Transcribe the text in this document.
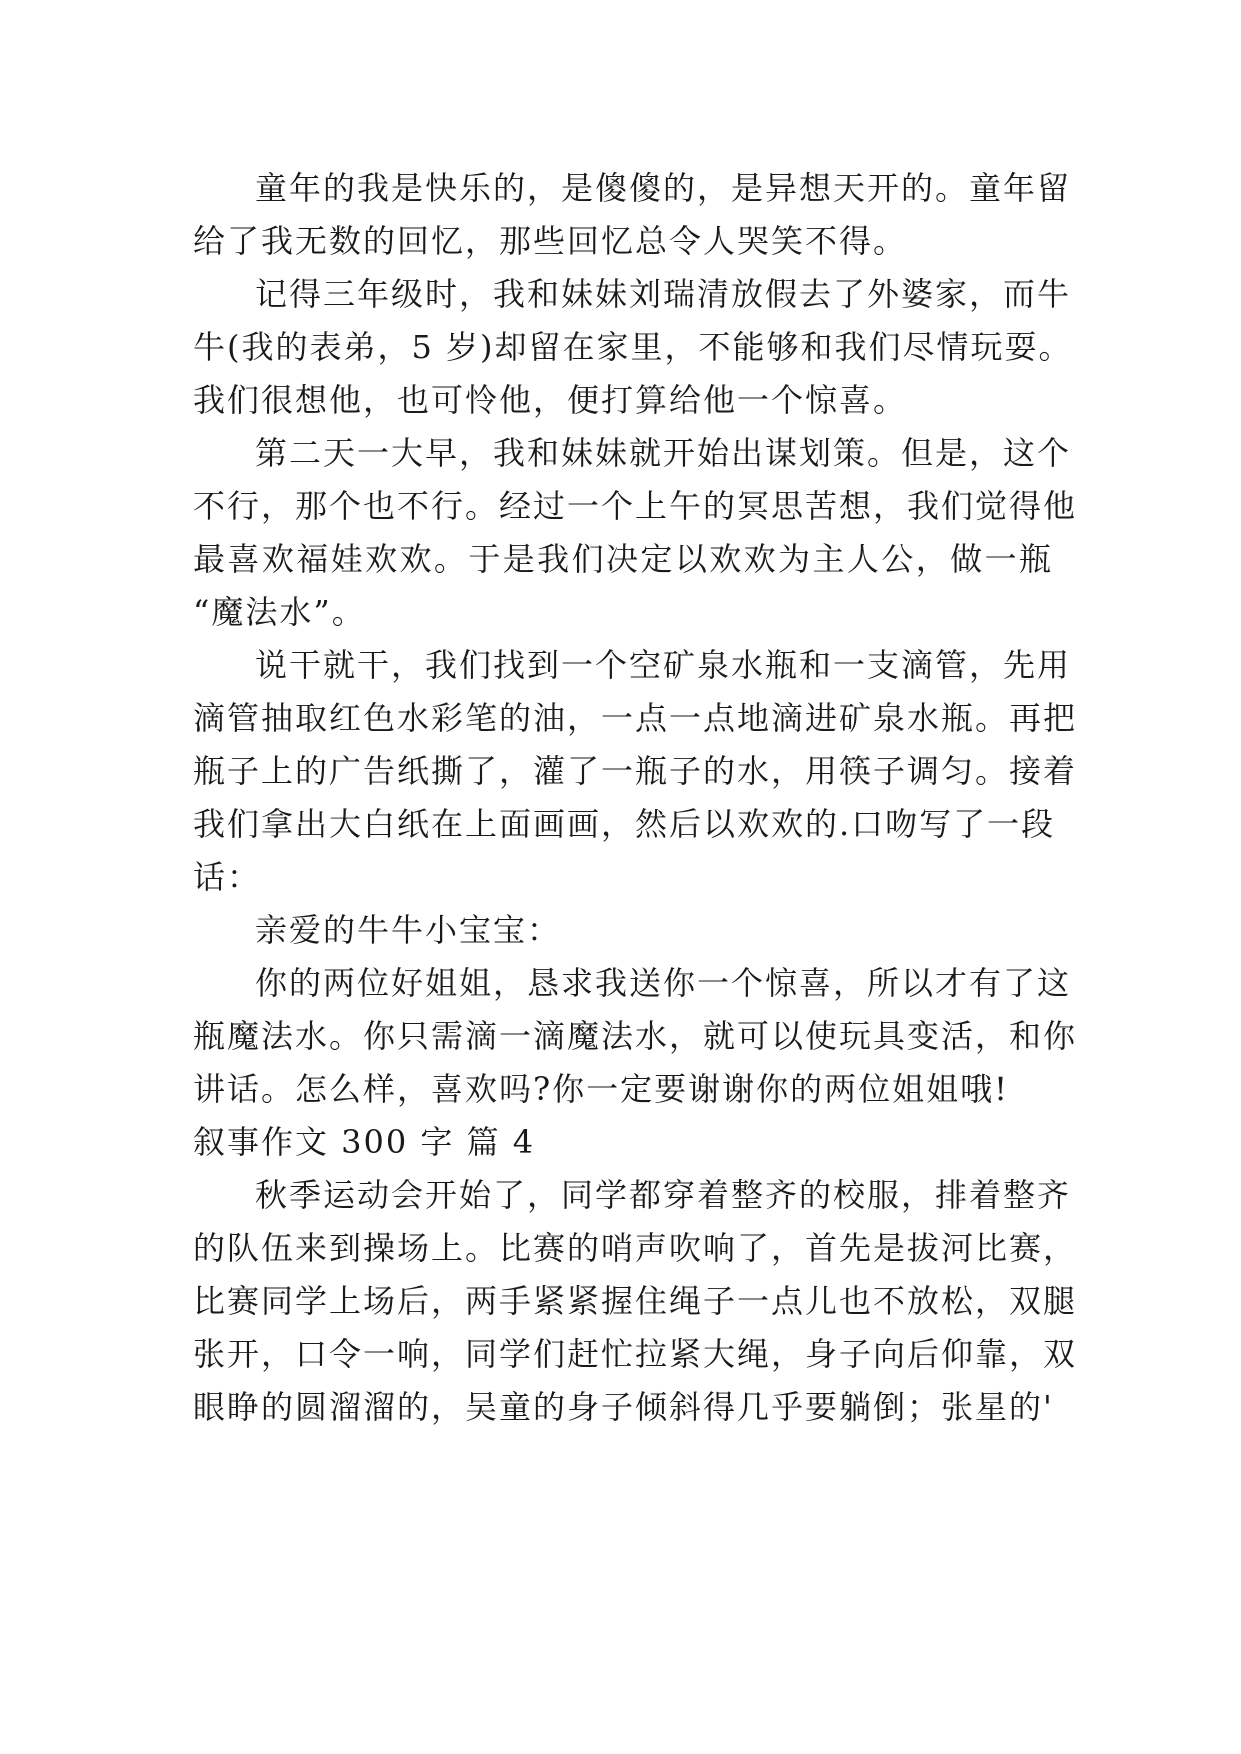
童年的我是快乐的，是傻傻的，是异想天开的。童年留
给了我无数的回忆，那些回忆总令人哭笑不得。
记得三年级时，我和妹妹刘瑞清放假去了外婆家，而牛
牛(我的表弟，5 岁)却留在家里，不能够和我们尽情玩耍。
我们很想他，也可怜他，便打算给他一个惊喜。
第二天一大早，我和妹妹就开始出谋划策。但是，这个
不行，那个也不行。经过一个上午的冥思苦想，我们觉得他
最喜欢福娃欢欢。于是我们决定以欢欢为主人公，做一瓶
“魔法水”。
说干就干，我们找到一个空矿泉水瓶和一支滴管，先用
滴管抽取红色水彩笔的油，一点一点地滴进矿泉水瓶。再把
瓶子上的广告纸撕了，灌了一瓶子的水，用筷子调匀。接着
我们拿出大白纸在上面画画，然后以欢欢的.口吻写了一段
话：
亲爱的牛牛小宝宝：
你的两位好姐姐，恳求我送你一个惊喜，所以才有了这
瓶魔法水。你只需滴一滴魔法水，就可以使玩具变活，和你
讲话。怎么样，喜欢吗?你一定要谢谢你的两位姐姐哦!
叙事作文 300 字 篇 4
秋季运动会开始了，同学都穿着整齐的校服，排着整齐
的队伍来到操场上。比赛的哨声吹响了，首先是拔河比赛，
比赛同学上场后，两手紧紧握住绳子一点儿也不放松，双腿
张开，口令一响，同学们赶忙拉紧大绳，身子向后仰靠，双
眼睁的圆溜溜的，吴童的身子倾斜得几乎要躺倒；张星的'
